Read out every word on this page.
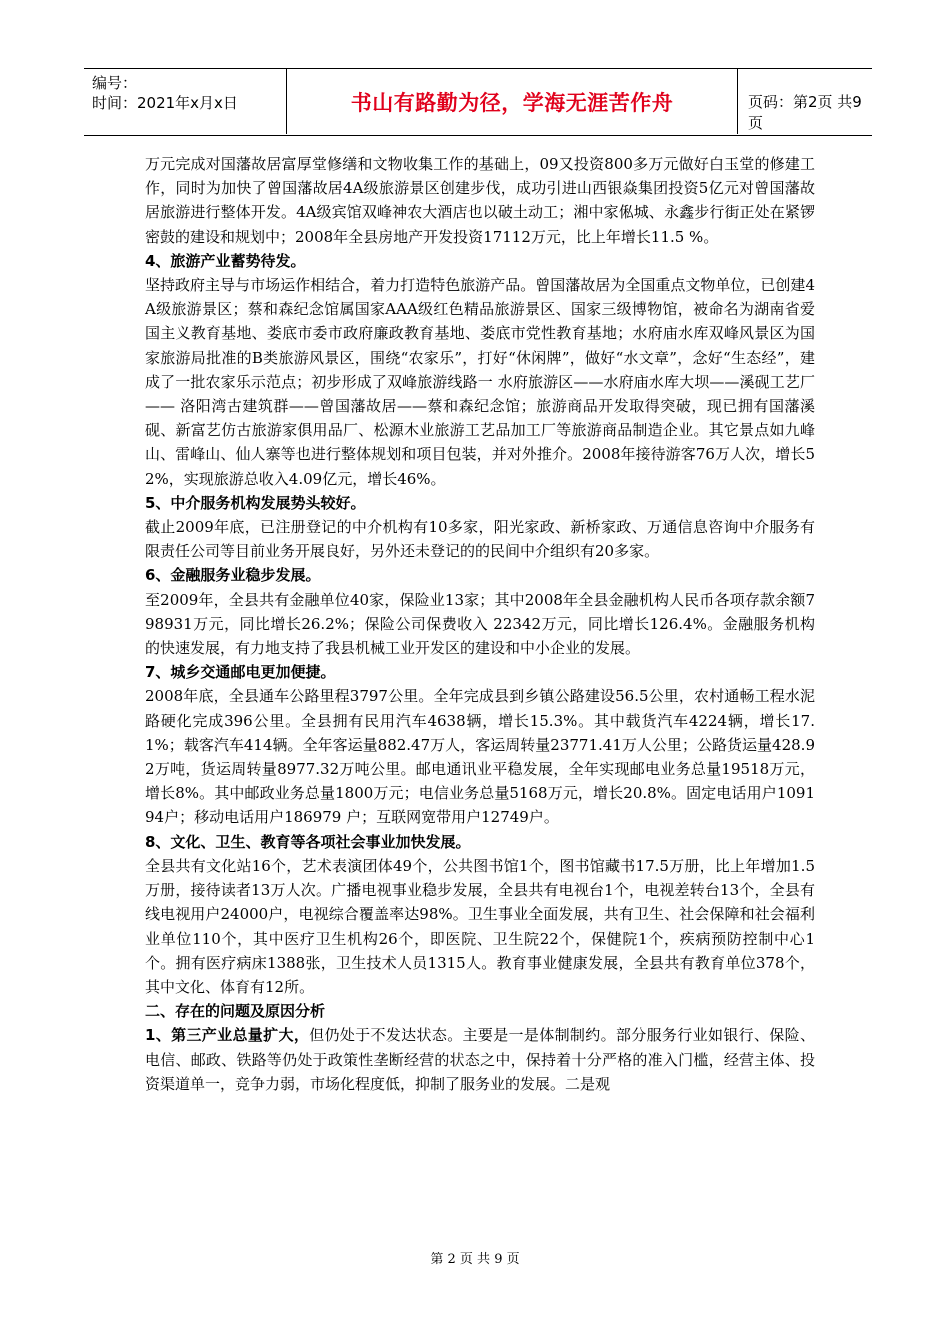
编号：
时间：2021年x月x日	书山有路勤为径，学海无涯苦作舟	页码：第2页 共9页

万元完成对国藩故居富厚堂修缮和文物收集工作的基础上，09又投资800多万元做好白玉堂的修建工作，同时为加快了曾国藩故居4A级旅游景区创建步伐，成功引进山西银焱集团投资5亿元对曾国藩故居旅游进行整体开发。4A级宾馆双峰神农大酒店也以破土动工；湘中家俬城、永鑫步行街正处在紧锣密鼓的建设和规划中；2008年全县房地产开发投资17112万元，比上年增长11.5 %。

4、旅游产业蓄势待发。

坚持政府主导与市场运作相结合，着力打造特色旅游产品。曾国藩故居为全国重点文物单位，已创建4A级旅游景区；蔡和森纪念馆属国家AAA级红色精品旅游景区、国家三级博物馆，被命名为湖南省爱国主义教育基地、娄底市委市政府廉政教育基地、娄底市党性教育基地；水府庙水库双峰风景区为国家旅游局批准的B类旅游风景区，围绕“农家乐”，打好“休闲牌”，做好“水文章”，念好“生态经”，建成了一批农家乐示范点；初步形成了双峰旅游线路一 水府旅游区——水府庙水库大坝——溪砚工艺厂—— 洛阳湾古建筑群——曾国藩故居——蔡和森纪念馆；旅游商品开发取得突破，现已拥有国藩溪砚、新富艺仿古旅游家俱用品厂、松源木业旅游工艺品加工厂等旅游商品制造企业。其它景点如九峰山、雷峰山、仙人寨等也进行整体规划和项目包装，并对外推介。2008年接待游客76万人次，增长52%，实现旅游总收入4.09亿元，增长46%。

5、中介服务机构发展势头较好。

截止2009年底，已注册登记的中介机构有10多家，阳光家政、新桥家政、万通信息咨询中介服务有限责任公司等目前业务开展良好，另外还未登记的的民间中介组织有20多家。

6、金融服务业稳步发展。

至2009年，全县共有金融单位40家，保险业13家；其中2008年全县金融机构人民币各项存款余额798931万元，同比增长26.2%；保险公司保费收入 22342万元，同比增长126.4%。金融服务机构的快速发展，有力地支持了我县机械工业开发区的建设和中小企业的发展。

7、城乡交通邮电更加便捷。

2008年底，全县通车公路里程3797公里。全年完成县到乡镇公路建设56.5公里，农村通畅工程水泥路硬化完成396公里。全县拥有民用汽车4638辆，增长15.3%。其中载货汽车4224辆，增长17.1%；载客汽车414辆。全年客运量882.47万人，客运周转量23771.41万人公里；公路货运量428.92万吨，货运周转量8977.32万吨公里。邮电通讯业平稳发展，全年实现邮电业务总量19518万元，增长8%。其中邮政业务总量1800万元；电信业务总量5168万元，增长20.8%。固定电话用户109194户；移动电话用户186979 户；互联网宽带用户12749户。

8、文化、卫生、教育等各项社会事业加快发展。

全县共有文化站16个，艺术表演团体49个，公共图书馆1个，图书馆藏书17.5万册，比上年增加1.5万册，接待读者13万人次。广播电视事业稳步发展，全县共有电视台1个，电视差转台13个，全县有线电视用户24000户，电视综合覆盖率达98%。卫生事业全面发展，共有卫生、社会保障和社会福利业单位110个，其中医疗卫生机构26个，即医院、卫生院22个，保健院1个，疾病预防控制中心1 个。拥有医疗病床1388张，卫生技术人员1315人。教育事业健康发展，全县共有教育单位378个，其中文化、体育有12所。

二、存在的问题及原因分析

1、第三产业总量扩大，但仍处于不发达状态。主要是一是体制制约。部分服务行业如银行、保险、电信、邮政、铁路等仍处于政策性垄断经营的状态之中，保持着十分严格的准入门槛，经营主体、投资渠道单一，竞争力弱，市场化程度低，抑制了服务业的发展。二是观

第 2 页 共 9 页
